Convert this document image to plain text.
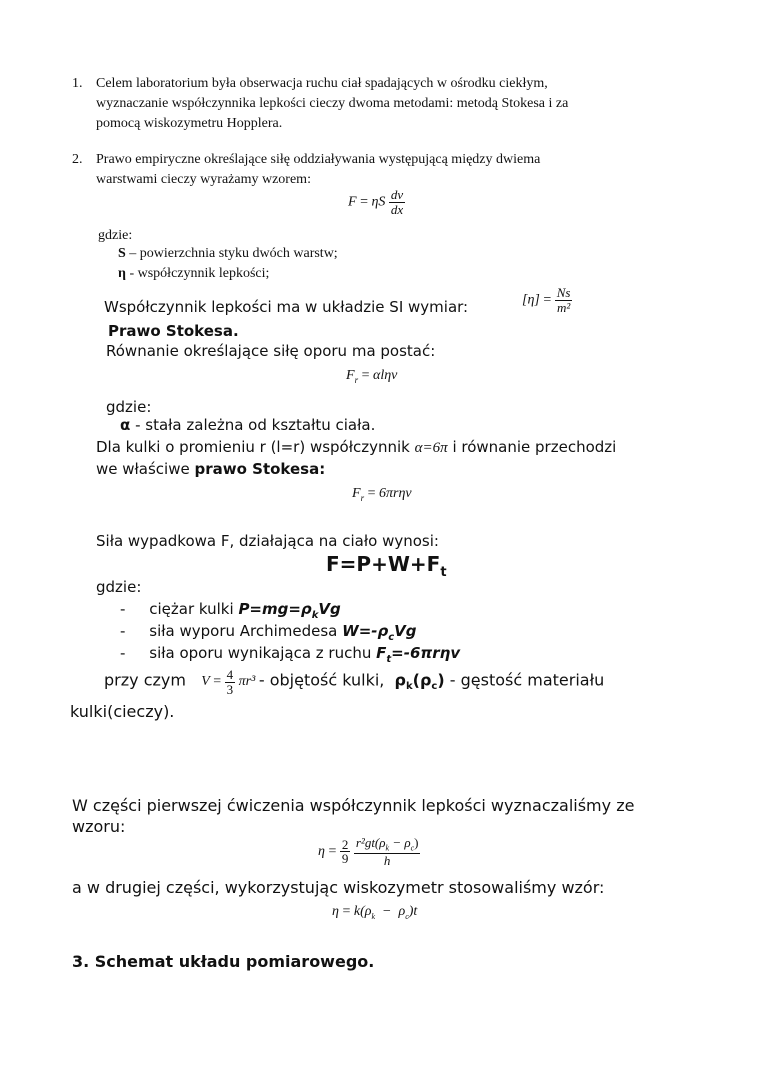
1. Celem laboratorium była obserwacja ruchu ciał spadających w ośrodku ciekłym,
wyznaczanie współczynnika lepkości cieczy dwoma metodami: metodą Stokesa i za
pomocą wiskozymetru Hopplera.
2. Prawo empiryczne określające siłę oddziaływania występującą między dwiema
warstwami cieczy wyrażamy wzorem:
F = ηS $\frac{dv}{dx}$
gdzie:
S – powierzchnia styku dwóch warstw;
η - współczynnik lepkości;
Współczynnik lepkości ma w układzie SI wymiar:	$[\eta] = \frac{Ns}{\text{m²}}$
Prawo Stokesa.
Równanie określające siłę oporu ma postać:
$F_r = \alpha l\eta v$
gdzie:
α - stała zależna od kształtu ciała.
Dla kulki o promieniu r (l=r) współczynnik α=6π i równanie przechodzi
we właściwe prawo Stokesa:
$F_r = 6\pi r\eta v$
Siła wypadkowa F, działająca na ciało wynosi:
$F=P+W+F_t$
gdzie:
- ciężar kulki $P=mg=\rho_kVg$
- siła wyporu Archimedesa $W=-\rho_cVg$
- siła oporu wynikająca z ruchu $F_t=-6\pi r\eta v$
przy czym $V = \frac{4}{3} \pi r^3$ - objętość kulki, $\rho_k(\rho_c)$ - gęstość materiału
kulki(cieczy).
W części pierwszej ćwiczenia współczynnik lepkości wyznaczaliśmy ze
wzoru:
$\eta = \frac{2}{9}$
$\frac{r^2gt(\rho_k - \rho_c)}{h}$
a w drugiej części, wykorzystując wiskozymetr stosowaliśmy wzór:
$\eta = k(\rho_k - \rho_c)t$
3. Schemat układu pomiarowego.
